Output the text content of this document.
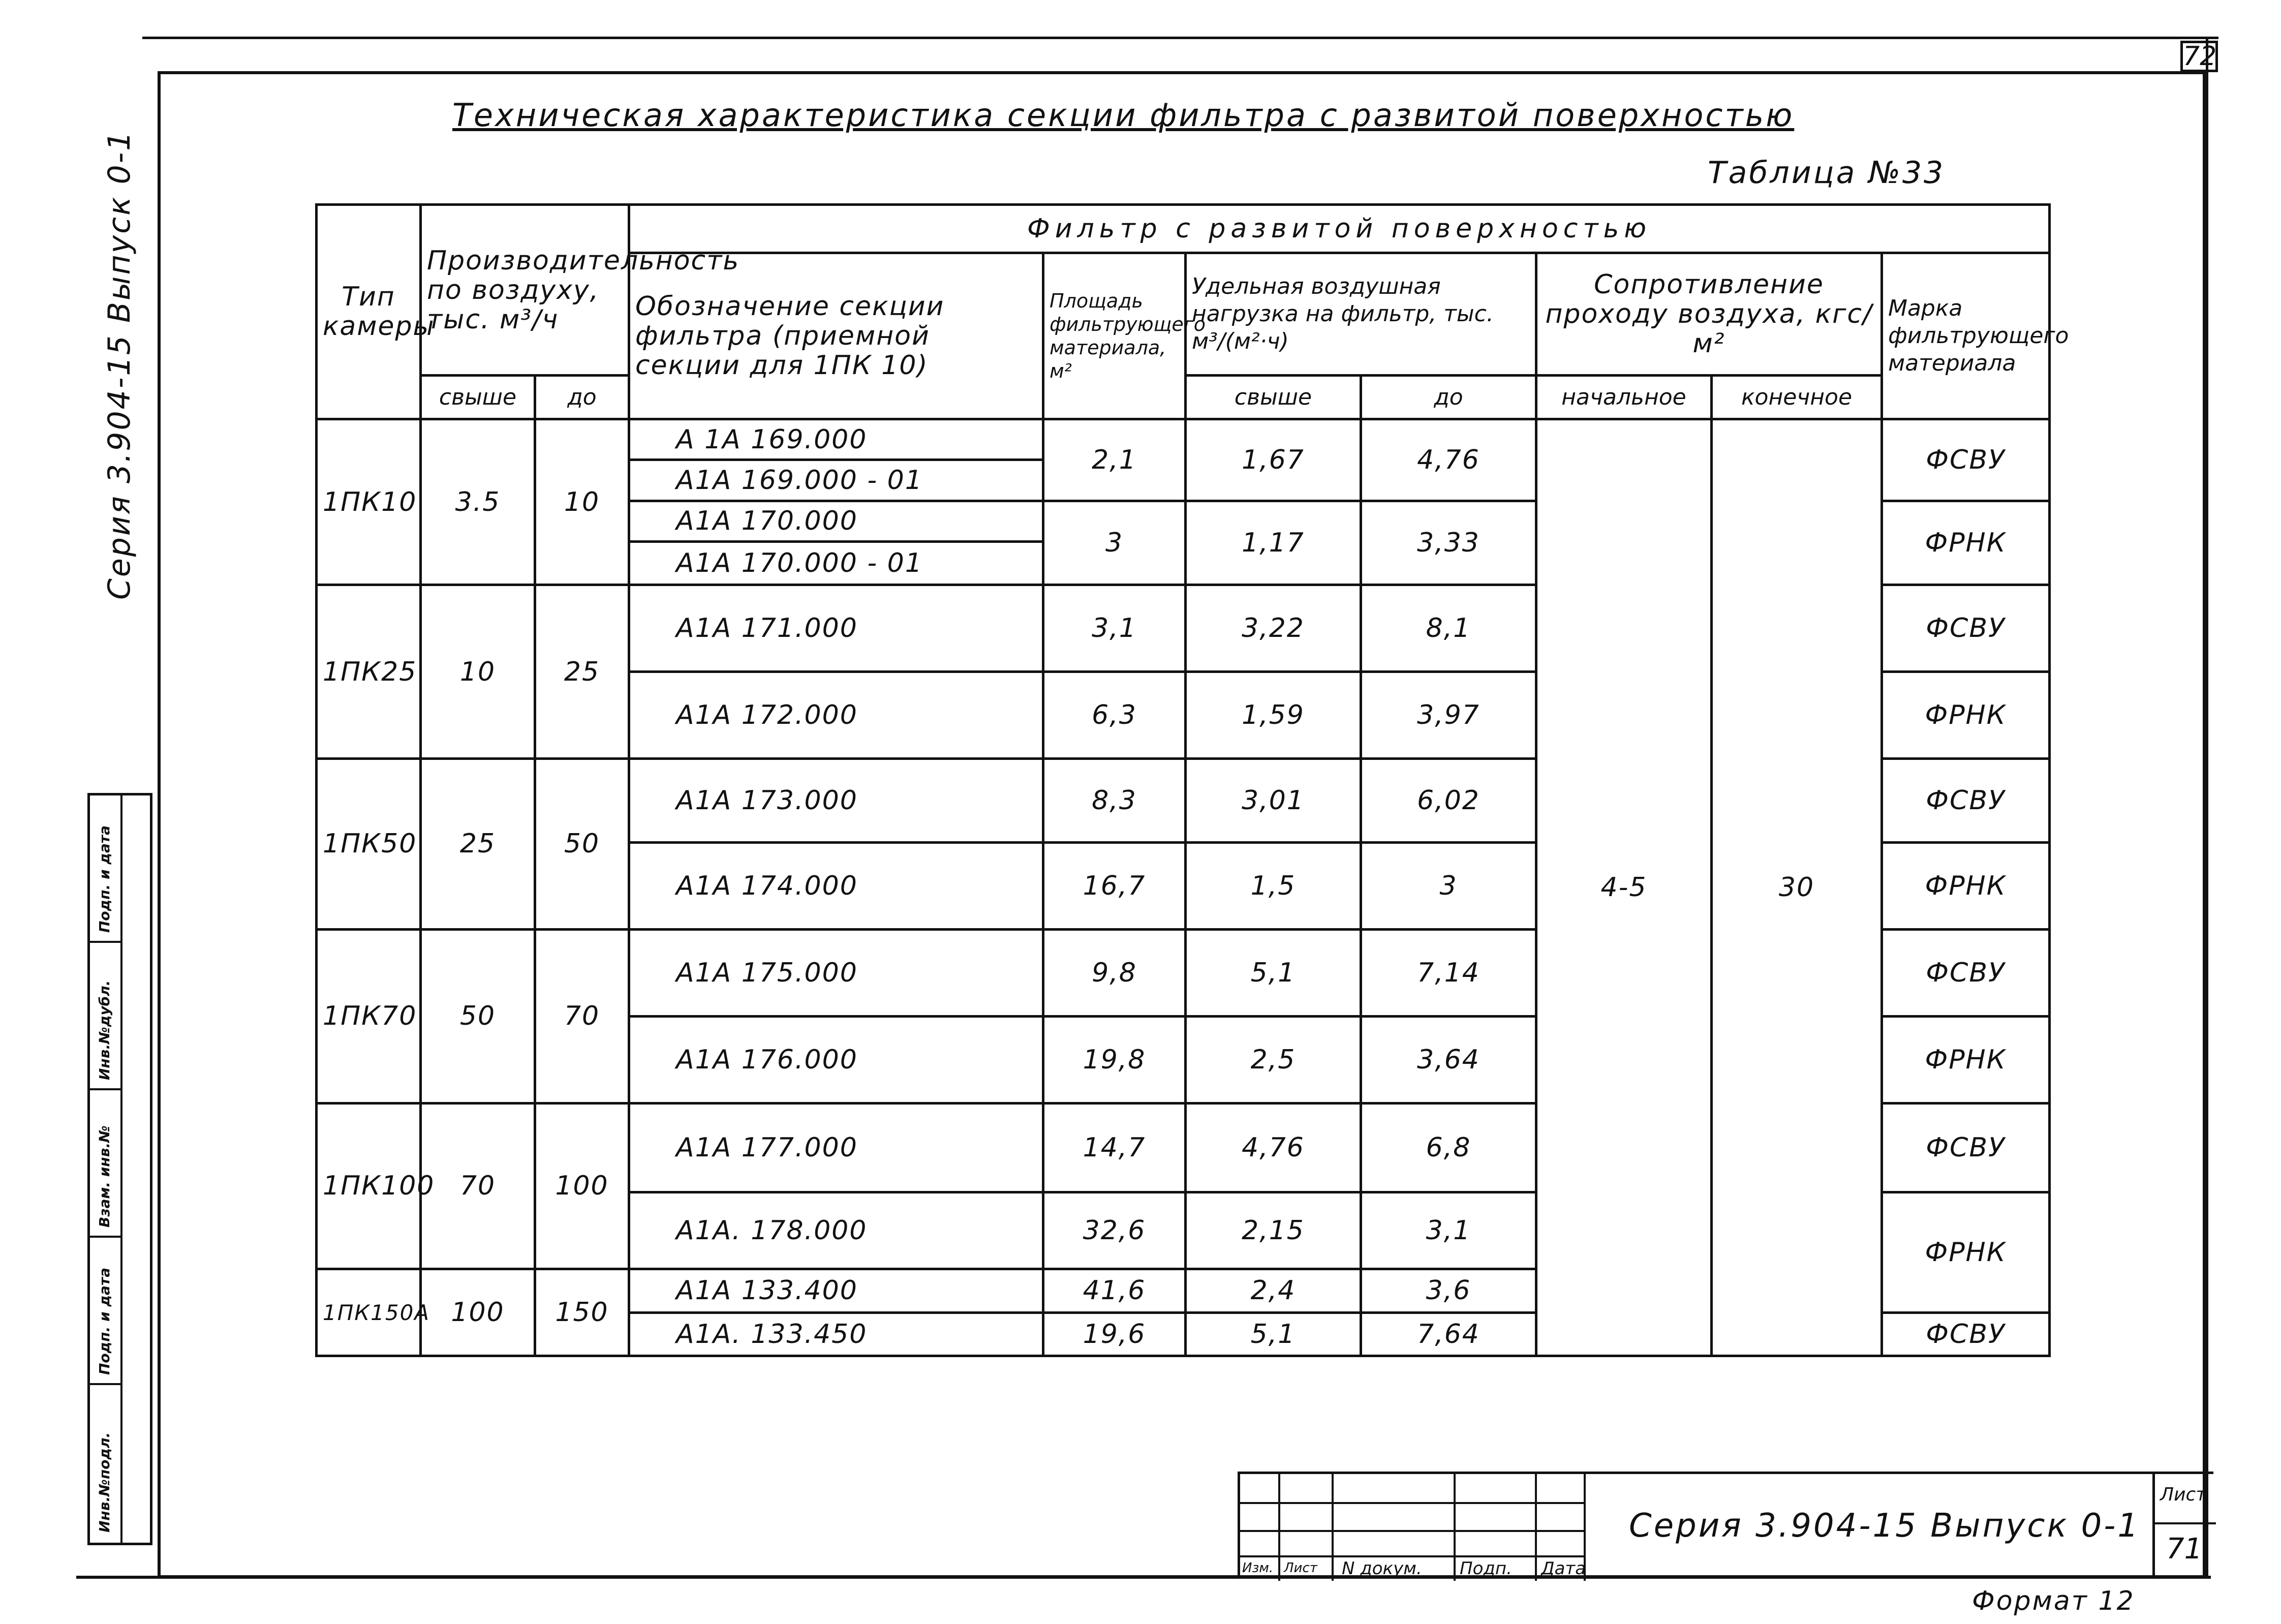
72
Техническая характеристика секции фильтра с развитой поверхностью
Таблица №33
Серия 3.904-15 Выпуск 0-1
Подп. и дата
Инв.№дубл.
Взам. инв.№
Подп. и дата
Инв.№подл.
Тип камеры	Производительность по воздуху, тыс. м³/ч		Фильтр с развитой поверхностью						
			Обозначение секции фильтра (приемной секции для 1ПК 10)	Площадь фильтрующего материала, м²	Удельная воздушная нагрузка на фильтр, тыс. м³/(м²·ч)		Сопротивление проходу воздуха, кгс/м²		Марка фильтрующего материала
	свыше	до			свыше	до	начальное	конечное	
1ПК10	3.5	10	А 1А 169.000	2,1	1,67	4,76	4-5	30	ФСВУ
			А1А 169.000 - 01						
			А1А 170.000	3	1,17	3,33			ФРНК
			А1А 170.000 - 01						
1ПК25	10	25	А1А 171.000	3,1	3,22	8,1			ФСВУ
			А1А 172.000	6,3	1,59	3,97			ФРНК
1ПК50	25	50	А1А 173.000	8,3	3,01	6,02			ФСВУ
			А1А 174.000	16,7	1,5	3			ФРНК
1ПК70	50	70	А1А 175.000	9,8	5,1	7,14			ФСВУ
			А1А 176.000	19,8	2,5	3,64			ФРНК
1ПК100	70	100	А1А 177.000	14,7	4,76	6,8			ФСВУ
			А1А. 178.000	32,6	2,15	3,1			ФРНК
1ПК150А	100	150	А1А 133.400	41,6	2,4	3,6			
			А1А. 133.450	19,6	5,1	7,64			ФСВУ
Изм. Лист N докум. Подп. Дата
Серия 3.904-15 Выпуск 0-1
Лист
71
Формат 12
